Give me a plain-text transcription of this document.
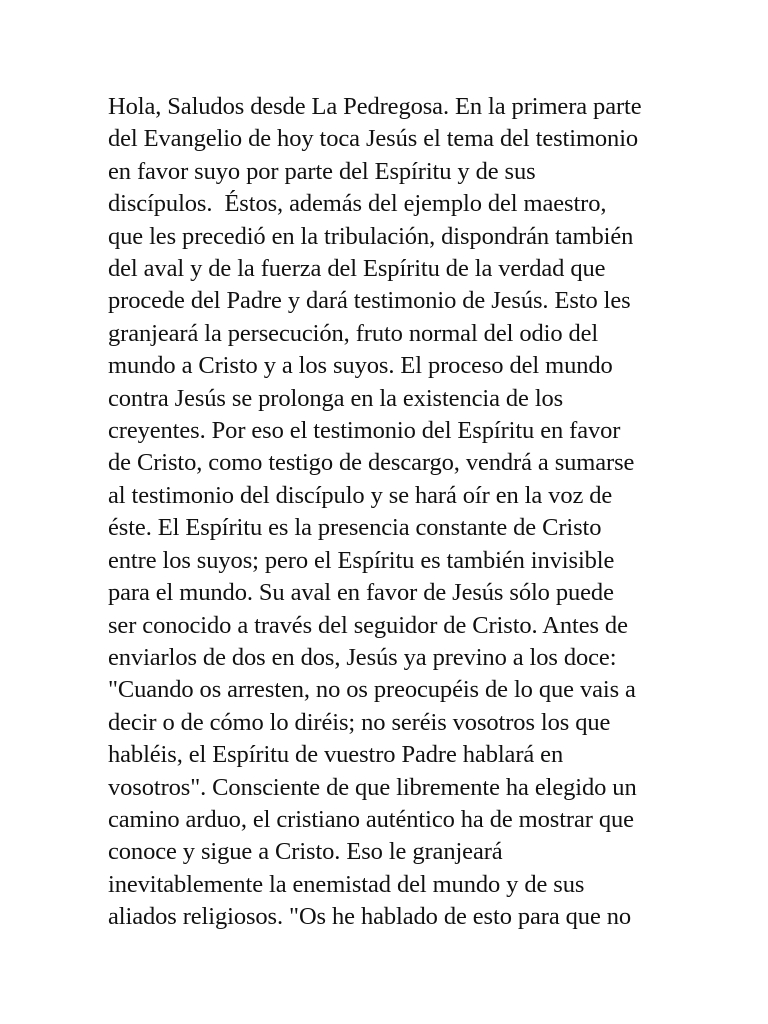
Hola, Saludos desde La Pedregosa. En la primera parte
del Evangelio de hoy toca Jesús el tema del testimonio
en favor suyo por parte del Espíritu y de sus
discípulos.  Éstos, además del ejemplo del maestro,
que les precedió en la tribulación, dispondrán también
del aval y de la fuerza del Espíritu de la verdad que
procede del Padre y dará testimonio de Jesús. Esto les
granjeará la persecución, fruto normal del odio del
mundo a Cristo y a los suyos. El proceso del mundo
contra Jesús se prolonga en la existencia de los
creyentes. Por eso el testimonio del Espíritu en favor
de Cristo, como testigo de descargo, vendrá a sumarse
al testimonio del discípulo y se hará oír en la voz de
éste. El Espíritu es la presencia constante de Cristo
entre los suyos; pero el Espíritu es también invisible
para el mundo. Su aval en favor de Jesús sólo puede
ser conocido a través del seguidor de Cristo. Antes de
enviarlos de dos en dos, Jesús ya previno a los doce:
"Cuando os arresten, no os preocupéis de lo que vais a
decir o de cómo lo diréis; no seréis vosotros los que
habléis, el Espíritu de vuestro Padre hablará en
vosotros". Consciente de que libremente ha elegido un
camino arduo, el cristiano auténtico ha de mostrar que
conoce y sigue a Cristo. Eso le granjeará
inevitablemente la enemistad del mundo y de sus
aliados religiosos. "Os he hablado de esto para que no
